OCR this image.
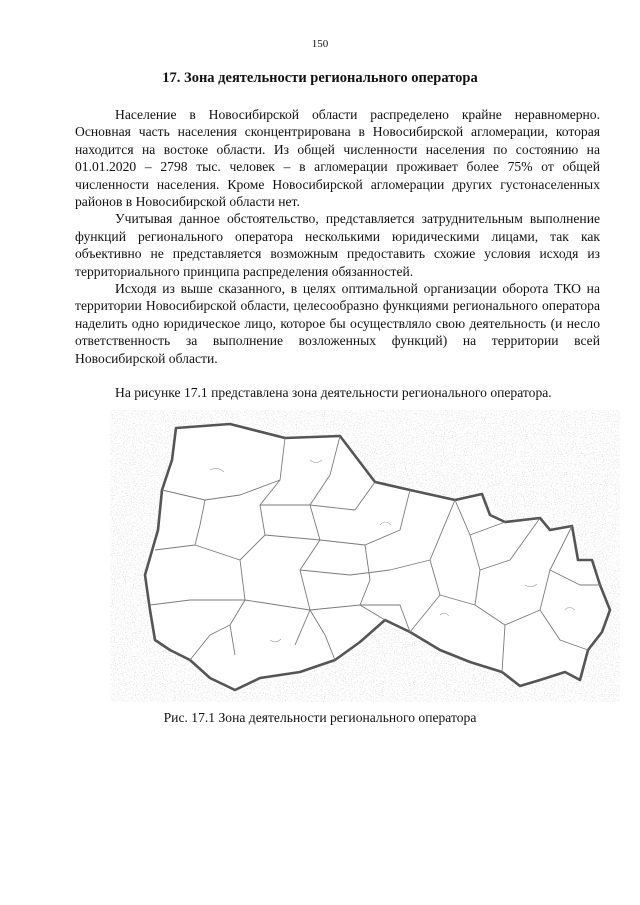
150
17. Зона деятельности регионального оператора

Население в Новосибирской области распределено крайне неравномерно. Основная часть населения сконцентрирована в Новосибирской агломерации, которая находится на востоке области. Из общей численности населения по состоянию на 01.01.2020 – 2798 тыс. человек – в агломерации проживает более 75% от общей численности населения. Кроме Новосибирской агломерации других густонаселенных районов в Новосибирской области нет.

Учитывая данное обстоятельство, представляется затруднительным выполнение функций регионального оператора несколькими юридическими лицами, так как объективно не представляется возможным предоставить схожие условия исходя из территориального принципа распределения обязанностей.

Исходя из выше сказанного, в целях оптимальной организации оборота ТКО на территории Новосибирской области, целесообразно функциями регионального оператора наделить одно юридическое лицо, которое бы осуществляло свою деятельность (и несло ответственность за выполнение возложенных функций) на территории всей Новосибирской области.

На рисунке 17.1 представлена зона деятельности регионального оператора.
Рис. 17.1 Зона деятельности регионального оператора
